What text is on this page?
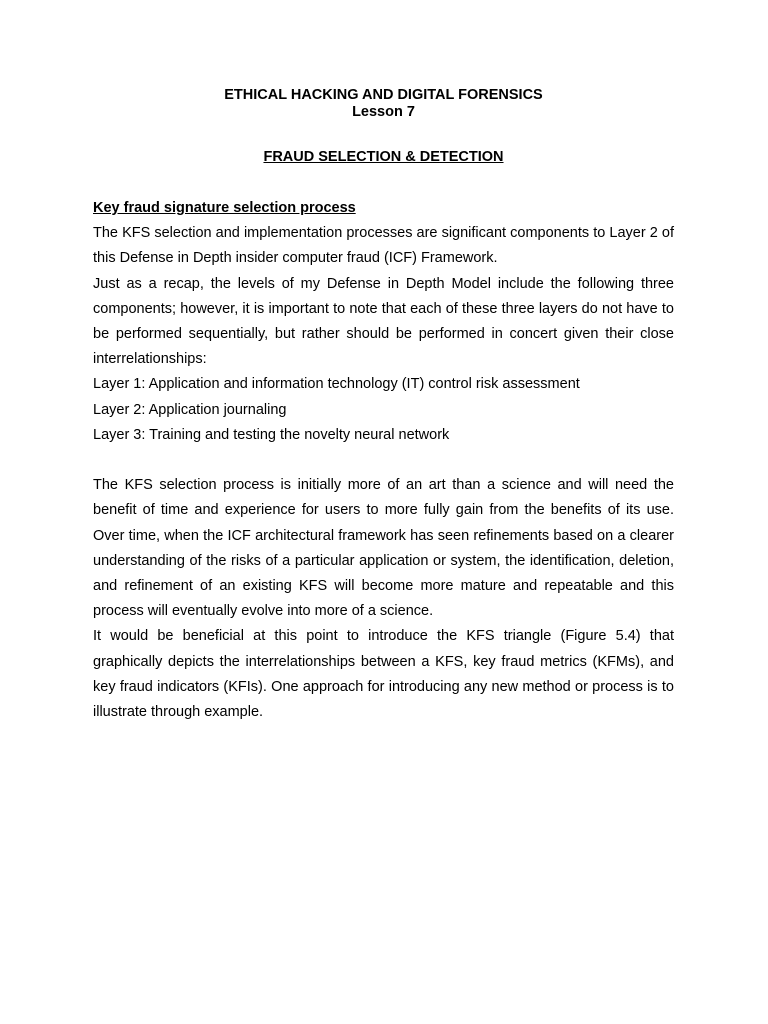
ETHICAL HACKING AND DIGITAL FORENSICS
Lesson 7
FRAUD SELECTION & DETECTION

Key fraud signature selection process

The KFS selection and implementation processes are significant components to Layer 2 of this Defense in Depth insider computer fraud (ICF) Framework.

Just as a recap, the levels of my Defense in Depth Model include the following three components; however, it is important to note that each of these three layers do not have to be performed sequentially, but rather should be performed in concert given their close interrelationships:

Layer 1: Application and information technology (IT) control risk assessment

Layer 2: Application journaling

Layer 3: Training and testing the novelty neural network

The KFS selection process is initially more of an art than a science and will need the benefit of time and experience for users to more fully gain from the benefits of its use. Over time, when the ICF architectural framework has seen refinements based on a clearer understanding of the risks of a particular application or system, the identification, deletion, and refinement of an existing KFS will become more mature and repeatable and this process will eventually evolve into more of a science.

It would be beneficial at this point to introduce the KFS triangle (Figure 5.4) that graphically depicts the interrelationships between a KFS, key fraud metrics (KFMs), and key fraud indicators (KFIs). One approach for introducing any new method or process is to illustrate through example.
